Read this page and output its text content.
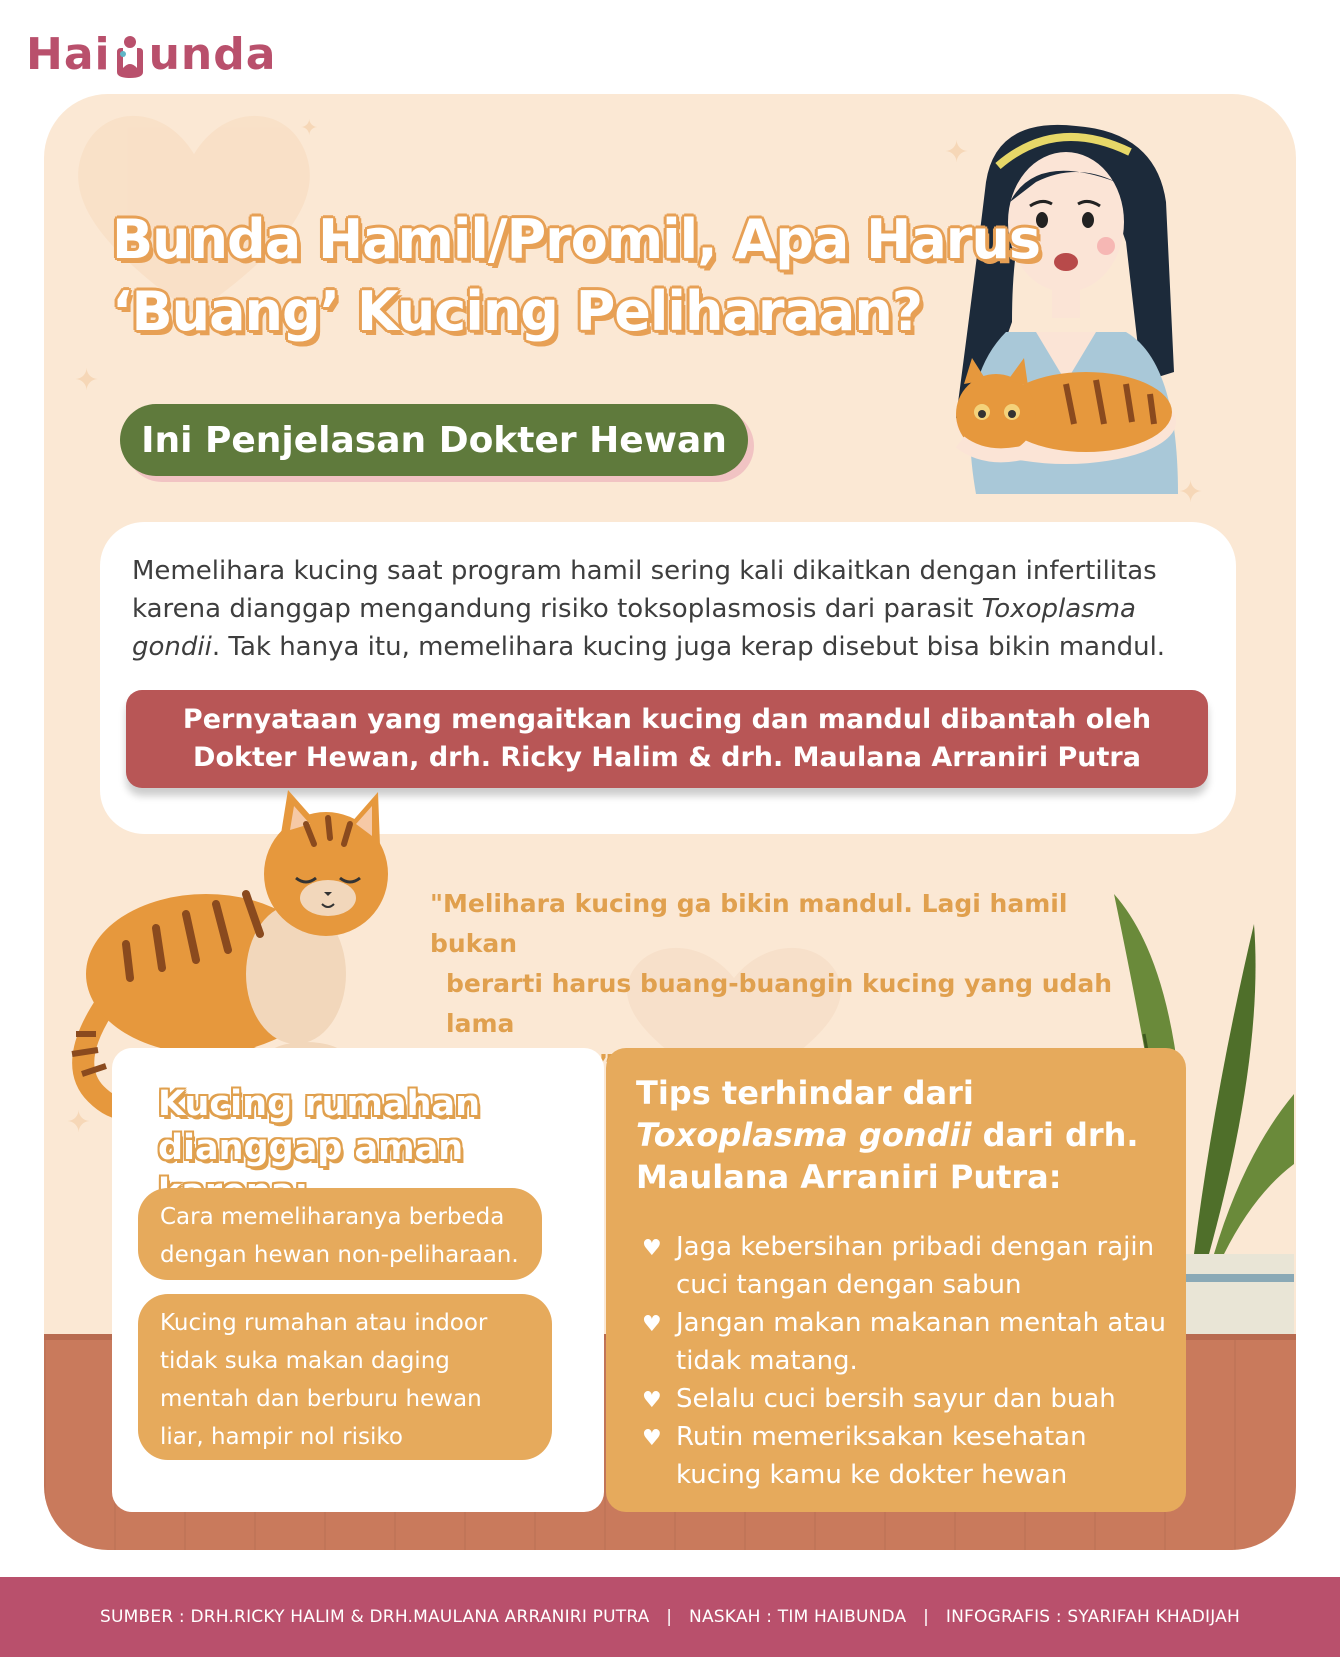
Hai unda
✦
✦
✦
✦
✦
Bunda Hamil/Promil, Apa Harus
‘Buang’ Kucing Peliharaan?
Ini Penjelasan Dokter Hewan
Memelihara kucing saat program hamil sering kali dikaitkan dengan infertilitas karena dianggap mengandung risiko toksoplasmosis dari parasit Toxoplasma gondii. Tak hanya itu, memelihara kucing juga kerap disebut bisa bikin mandul.
Pernyataan yang mengaitkan kucing dan mandul dibantah oleh
Dokter Hewan, drh. Ricky Halim & drh. Maulana Arraniri Putra
"Melihara kucing ga bikin mandul. Lagi hamil bukan
berarti harus buang-buangin kucing yang udah lama
Kucing rumahan
dianggap aman
Cara memeliharanya berbeda dengan hewan non-peliharaan.
Kucing rumahan atau indoor tidak suka makan daging mentah dan berburu hewan liar, hampir nol risiko toksoplasmosis.
Tips terhindar dari Toxoplasma gondii dari drh. Maulana Arraniri Putra:
♥ Jaga kebersihan pribadi dengan rajin cuci tangan dengan sabun
♥ Jangan makan makanan mentah atau tidak matang.
♥ Selalu cuci bersih sayur dan buah
♥ Rutin memeriksakan kesehatan kucing kamu ke dokter hewan
SUMBER : DRH.RICKY HALIM & DRH.MAULANA ARRANIRI PUTRA | NASKAH : TIM HAIBUNDA | INFOGRAFIS : SYARIFAH KHADIJAH
